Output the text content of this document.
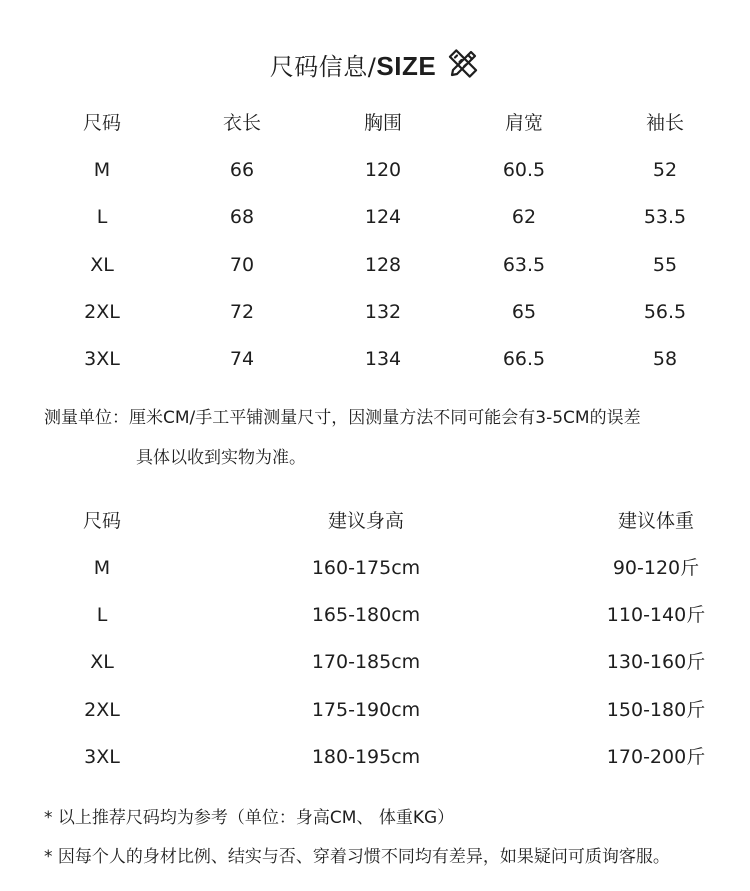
尺码信息/SIZE
尺码	衣长	胸围	肩宽	袖长
M	66	120	60.5	52
L	68	124	62	53.5
XL	70	128	63.5	55
2XL	72	132	65	56.5
3XL	74	134	66.5	58
测量单位：厘米CM/手工平铺测量尺寸，因测量方法不同可能会有3-5CM的误差
具体以收到实物为准。
尺码	建议身高	建议体重
M	160-175cm	90-120斤
L	165-180cm	110-140斤
XL	170-185cm	130-160斤
2XL	175-190cm	150-180斤
3XL	180-195cm	170-200斤
* 以上推荐尺码均为参考（单位：身高CM、 体重KG）
* 因每个人的身材比例、结实与否、穿着习惯不同均有差异，如果疑问可质询客服。
